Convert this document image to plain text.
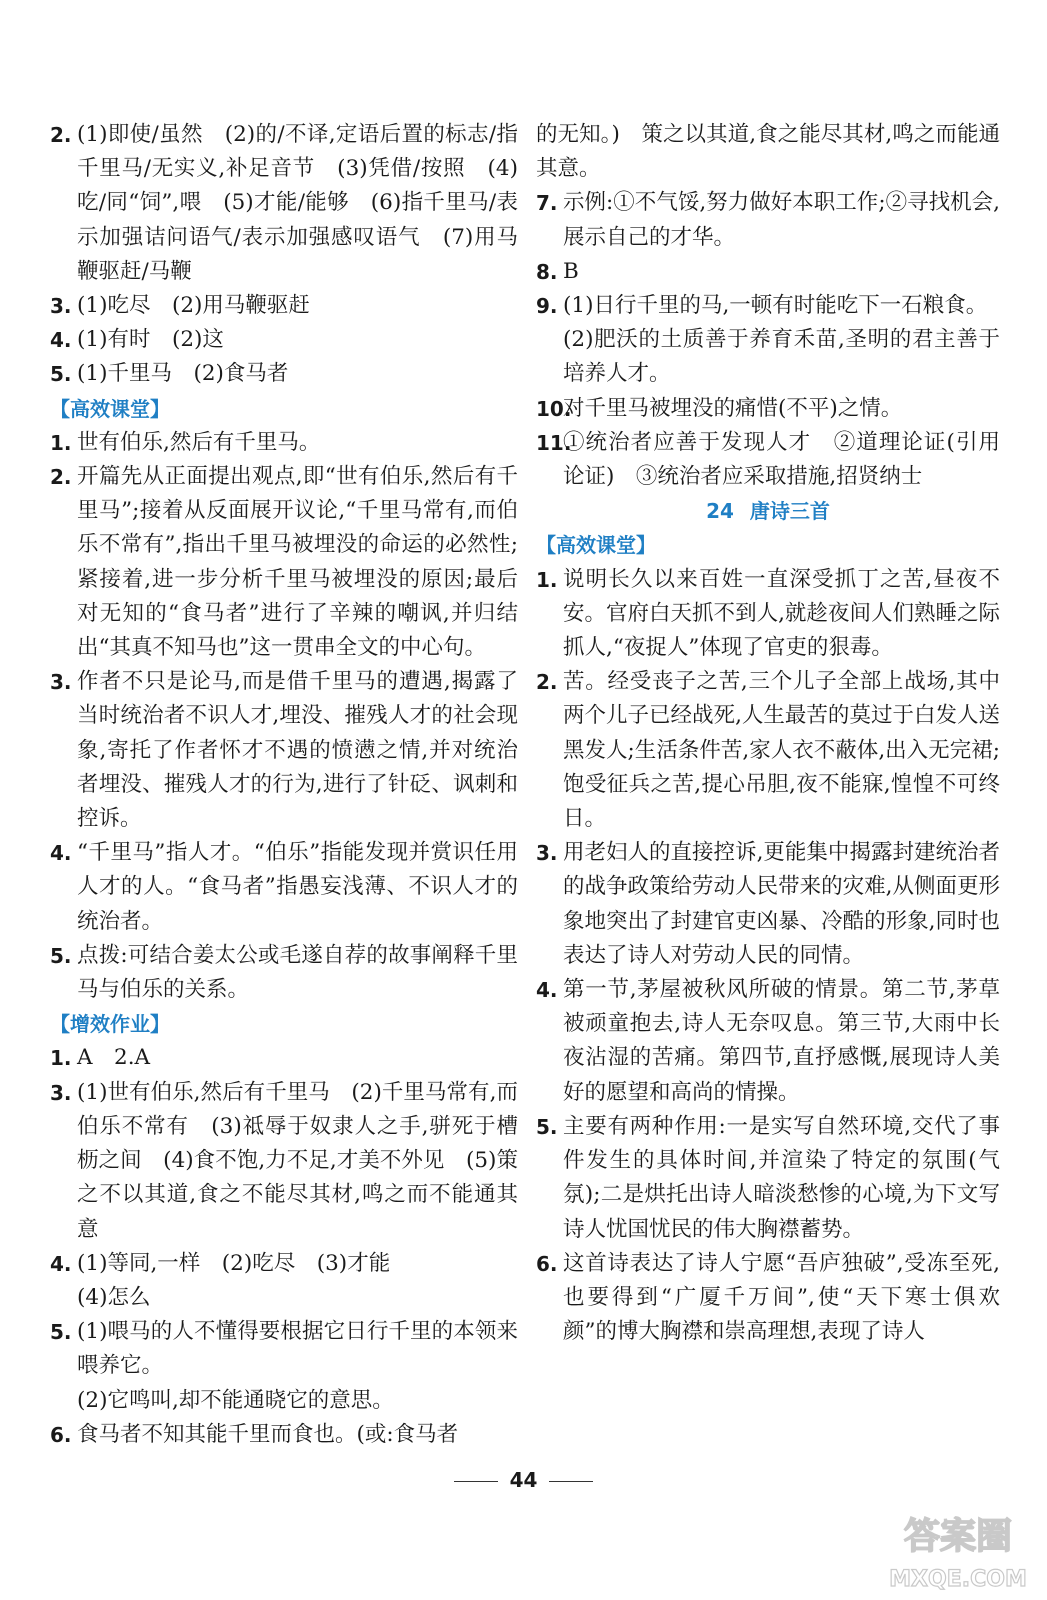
2. (1)即使/虽然　(2)的/不译,定语后置的标志/指千里马/无实义,补足音节　(3)凭借/按照　(4)吃/同“饲”,喂　(5)才能/能够　(6)指千里马/表示加强诘问语气/表示加强感叹语气　(7)用马鞭驱赶/马鞭
3. (1)吃尽　(2)用马鞭驱赶
4. (1)有时　(2)这
5. (1)千里马　(2)食马者
【高效课堂】
1. 世有伯乐,然后有千里马。
2. 开篇先从正面提出观点,即“世有伯乐,然后有千里马”;接着从反面展开议论,“千里马常有,而伯乐不常有”,指出千里马被埋没的命运的必然性;紧接着,进一步分析千里马被埋没的原因;最后对无知的“食马者”进行了辛辣的嘲讽,并归结出“其真不知马也”这一贯串全文的中心句。
3. 作者不只是论马,而是借千里马的遭遇,揭露了当时统治者不识人才,埋没、摧残人才的社会现象,寄托了作者怀才不遇的愤懑之情,并对统治者埋没、摧残人才的行为,进行了针砭、讽刺和控诉。
4. “千里马”指人才。“伯乐”指能发现并赏识任用人才的人。“食马者”指愚妄浅薄、不识人才的统治者。
5. 点拨:可结合姜太公或毛遂自荐的故事阐释千里马与伯乐的关系。
【增效作业】
1. A　2.A
3. (1)世有伯乐,然后有千里马　(2)千里马常有,而伯乐不常有　(3)祗辱于奴隶人之手,骈死于槽枥之间　(4)食不饱,力不足,才美不外见　(5)策之不以其道,食之不能尽其材,鸣之而不能通其意
4. (1)等同,一样　(2)吃尽　(3)才能
(4)怎么
5. (1)喂马的人不懂得要根据它日行千里的本领来喂养它。
(2)它鸣叫,却不能通晓它的意思。
6. 食马者不知其能千里而食也。(或:食马者
的无知。)　策之以其道,食之能尽其材,鸣之而能通其意。
7. 示例:①不气馁,努力做好本职工作;②寻找机会,展示自己的才华。
8. B
9. (1)日行千里的马,一顿有时能吃下一石粮食。
(2)肥沃的土质善于养育禾苗,圣明的君主善于培养人才。
10.
对千里马被埋没的痛惜(不平)之情。
11.
①统治者应善于发现人才　②道理论证(引用论证)　③统治者应采取措施,招贤纳士
24 唐诗三首
【高效课堂】
1. 说明长久以来百姓一直深受抓丁之苦,昼夜不安。官府白天抓不到人,就趁夜间人们熟睡之际抓人,“夜捉人”体现了官吏的狠毒。
2. 苦。经受丧子之苦,三个儿子全部上战场,其中两个儿子已经战死,人生最苦的莫过于白发人送黑发人;生活条件苦,家人衣不蔽体,出入无完裙;饱受征兵之苦,提心吊胆,夜不能寐,惶惶不可终日。
3. 用老妇人的直接控诉,更能集中揭露封建统治者的战争政策给劳动人民带来的灾难,从侧面更形象地突出了封建官吏凶暴、冷酷的形象,同时也表达了诗人对劳动人民的同情。
4. 第一节,茅屋被秋风所破的情景。第二节,茅草被顽童抱去,诗人无奈叹息。第三节,大雨中长夜沾湿的苦痛。第四节,直抒感慨,展现诗人美好的愿望和高尚的情操。
5. 主要有两种作用:一是实写自然环境,交代了事件发生的具体时间,并渲染了特定的氛围(气氛);二是烘托出诗人暗淡愁惨的心境,为下文写诗人忧国忧民的伟大胸襟蓄势。
6. 这首诗表达了诗人宁愿“吾庐独破”,受冻至死,也要得到“广厦千万间”,使“天下寒士俱欢颜”的博大胸襟和崇高理想,表现了诗人
44
答案圈
MXQE.COM
